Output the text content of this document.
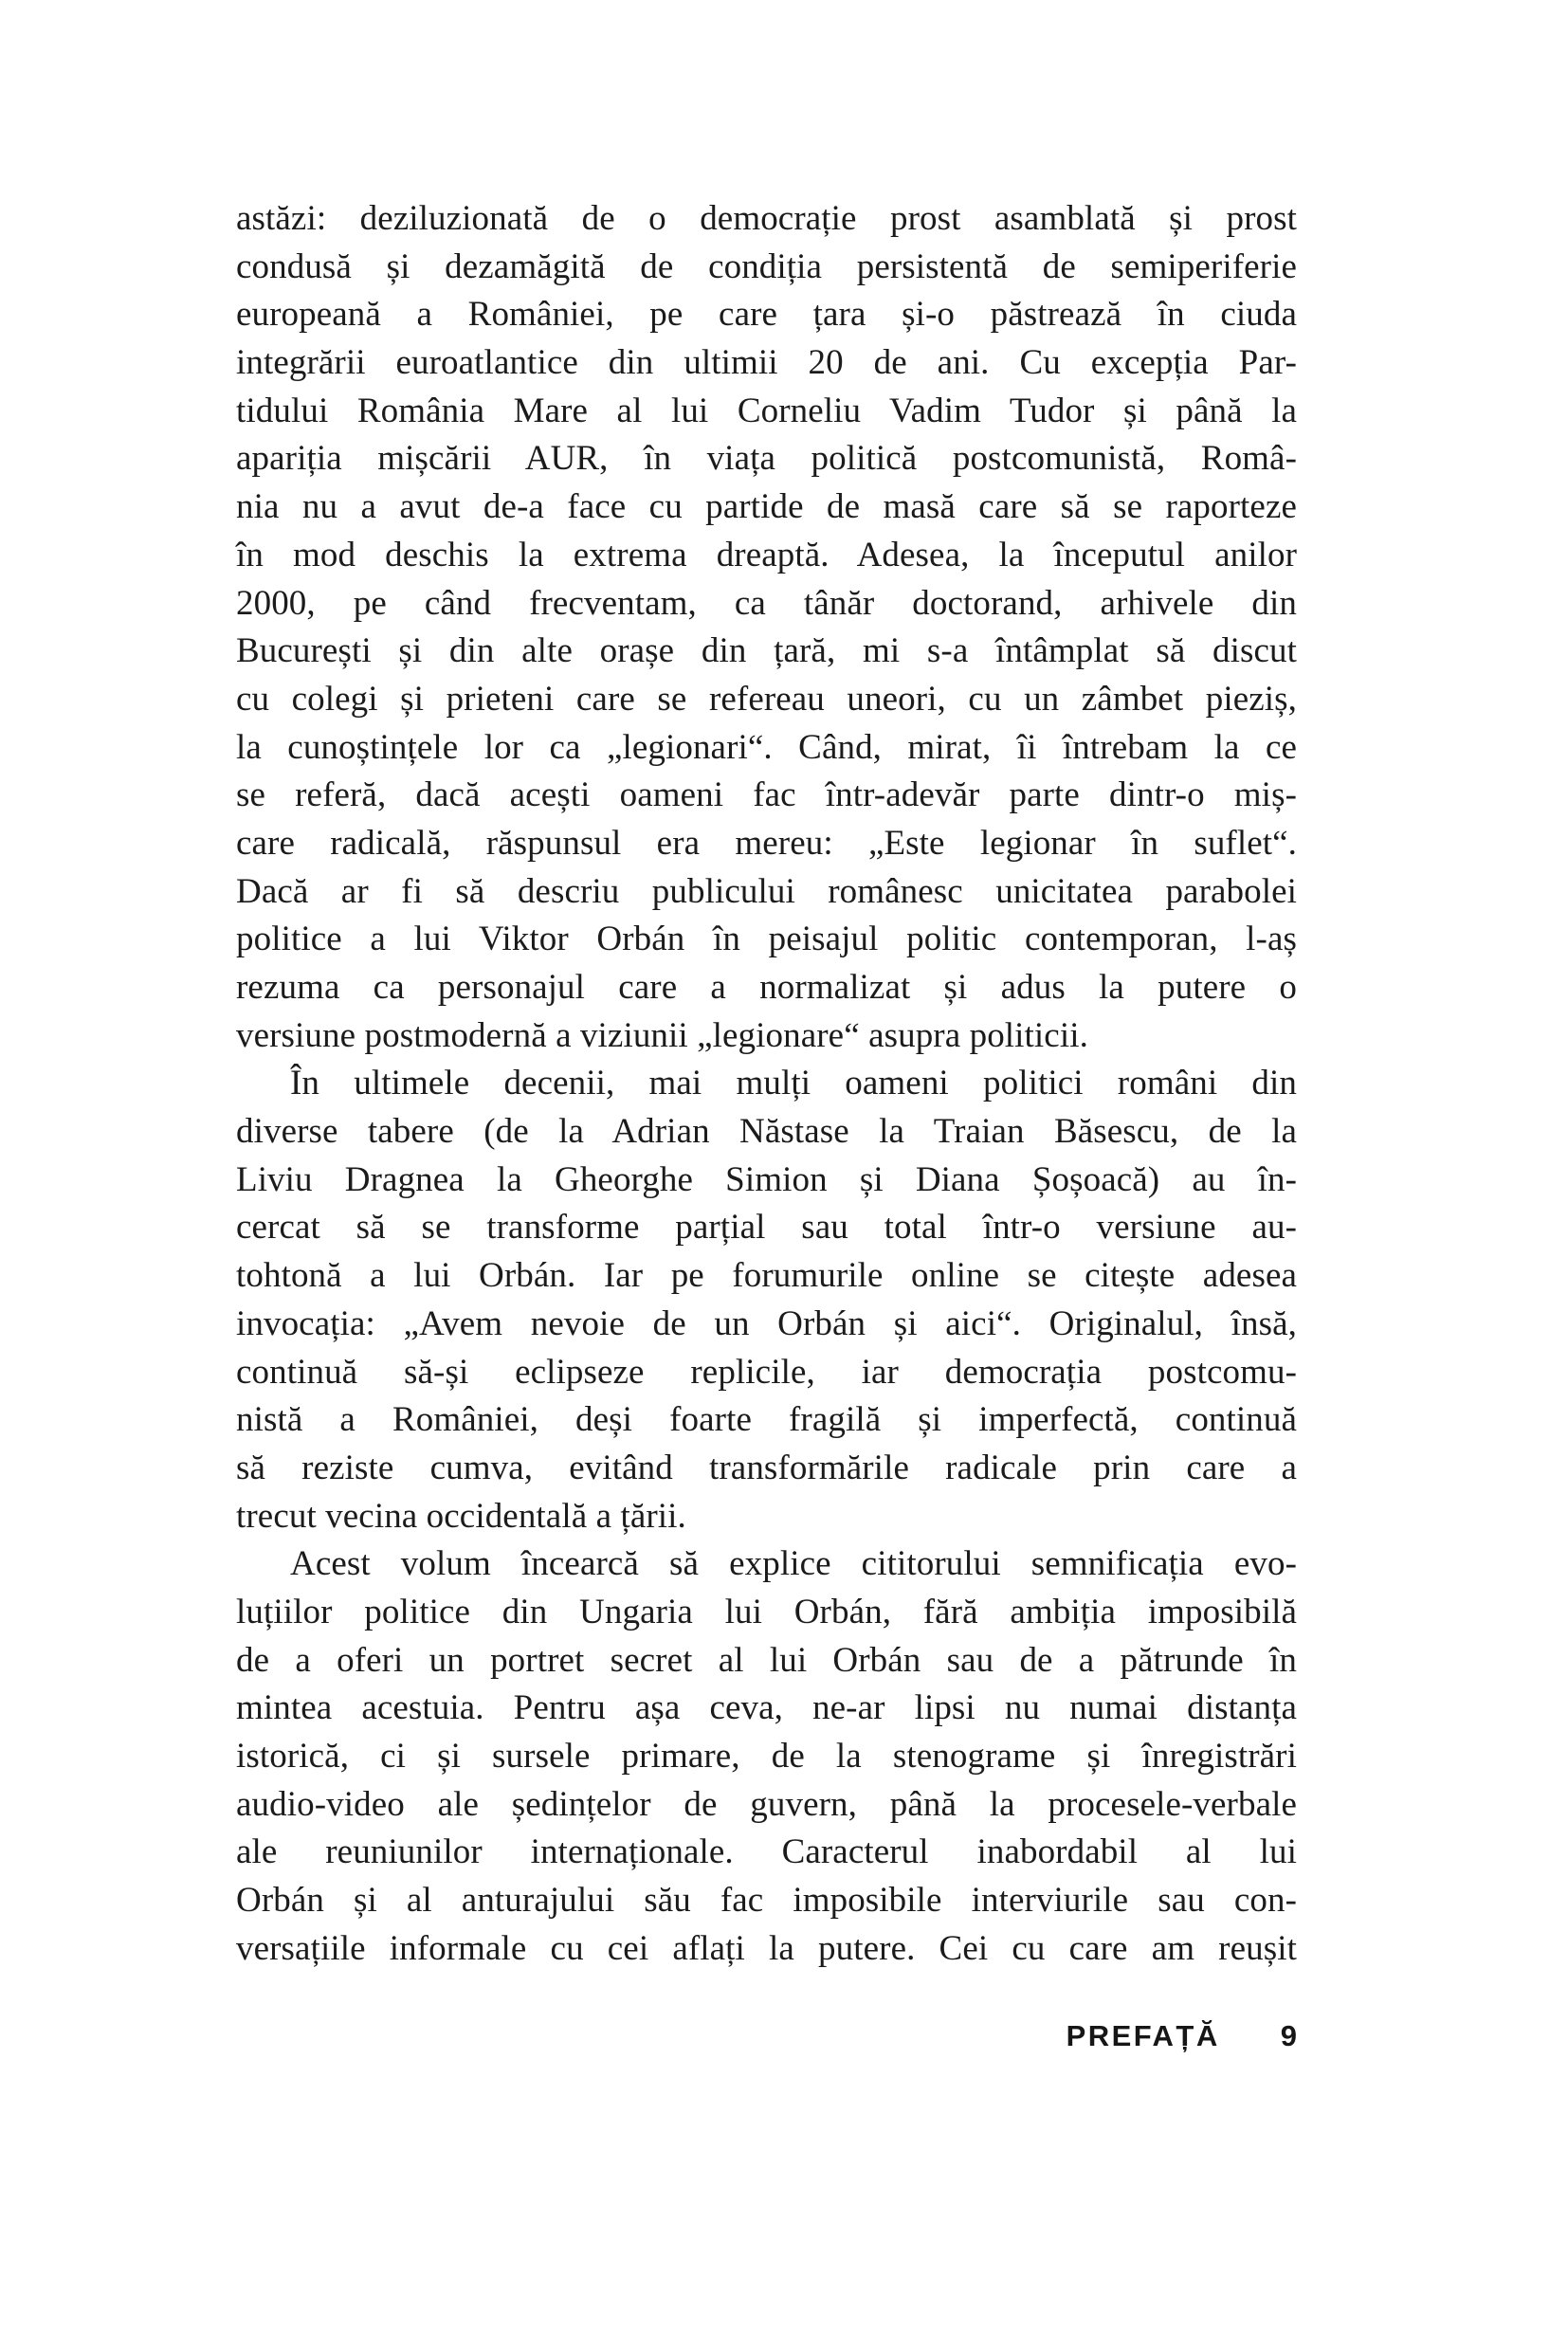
astăzi: deziluzionată de o democrație prost asamblată și prost
condusă și dezamăgită de condiția persistentă de semiperiferie
europeană a României, pe care țara și-o păstrează în ciuda
integrării euroatlantice din ultimii 20 de ani. Cu excepția Par-
tidului România Mare al lui Corneliu Vadim Tudor și până la
apariția mișcării AUR, în viața politică postcomunistă, Româ-
nia nu a avut de-a face cu partide de masă care să se raporteze
în mod deschis la extrema dreaptă. Adesea, la începutul anilor
2000, pe când frecventam, ca tânăr doctorand, arhivele din
București și din alte orașe din țară, mi s-a întâmplat să discut
cu colegi și prieteni care se refereau uneori, cu un zâmbet pieziș,
la cunoștințele lor ca „legionari“. Când, mirat, îi întrebam la ce
se referă, dacă acești oameni fac într-adevăr parte dintr-o miș-
care radicală, răspunsul era mereu: „Este legionar în suflet“.
Dacă ar fi să descriu publicului românesc unicitatea parabolei
politice a lui Viktor Orbán în peisajul politic contemporan, l-aș
rezuma ca personajul care a normalizat și adus la putere o
versiune postmodernă a viziunii „legionare“ asupra politicii.
În ultimele decenii, mai mulți oameni politici români din
diverse tabere (de la Adrian Năstase la Traian Băsescu, de la
Liviu Dragnea la Gheorghe Simion și Diana Șoșoacă) au în-
cercat să se transforme parțial sau total într-o versiune au-
tohtonă a lui Orbán. Iar pe forumurile online se citește adesea
invocația: „Avem nevoie de un Orbán și aici“. Originalul, însă,
continuă să-și eclipseze replicile, iar democrația postcomu-
nistă a României, deși foarte fragilă și imperfectă, continuă
să reziste cumva, evitând transformările radicale prin care a
trecut vecina occidentală a țării.
Acest volum încearcă să explice cititorului semnificația evo-
luțiilor politice din Ungaria lui Orbán, fără ambiția imposibilă
de a oferi un portret secret al lui Orbán sau de a pătrunde în
mintea acestuia. Pentru așa ceva, ne-ar lipsi nu numai distanța
istorică, ci și sursele primare, de la stenograme și înregistrări
audio-video ale ședințelor de guvern, până la procesele-verbale
ale reuniunilor internaționale. Caracterul inabordabil al lui
Orbán și al anturajului său fac imposibile interviurile sau con-
versațiile informale cu cei aflați la putere. Cei cu care am reușit
PREFAȚĂ 9
